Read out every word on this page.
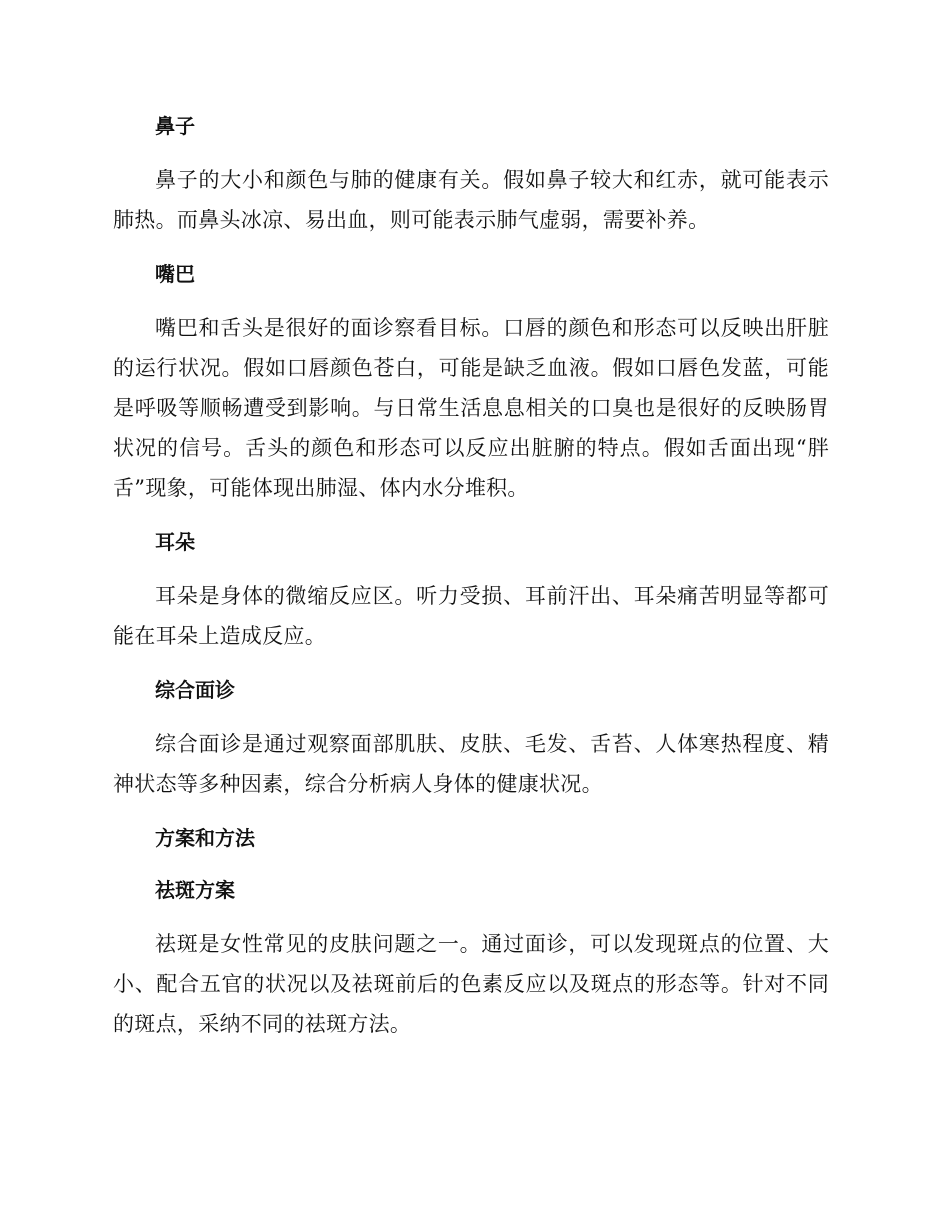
鼻子

鼻子的大小和颜色与肺的健康有关。假如鼻子较大和红赤，就可能表示肺热。而鼻头冰凉、易出血，则可能表示肺气虚弱，需要补养。

嘴巴

嘴巴和舌头是很好的面诊察看目标。口唇的颜色和形态可以反映出肝脏的运行状况。假如口唇颜色苍白，可能是缺乏血液。假如口唇色发蓝，可能是呼吸等顺畅遭受到影响。与日常生活息息相关的口臭也是很好的反映肠胃状况的信号。舌头的颜色和形态可以反应出脏腑的特点。假如舌面出现“胖舌”现象，可能体现出肺湿、体内水分堆积。

耳朵

耳朵是身体的微缩反应区。听力受损、耳前汗出、耳朵痛苦明显等都可能在耳朵上造成反应。

综合面诊

综合面诊是通过观察面部肌肤、皮肤、毛发、舌苔、人体寒热程度、精神状态等多种因素，综合分析病人身体的健康状况。

方案和方法
祛斑方案

祛斑是女性常见的皮肤问题之一。通过面诊，可以发现斑点的位置、大小、配合五官的状况以及祛斑前后的色素反应以及斑点的形态等。针对不同的斑点，采纳不同的祛斑方法。
